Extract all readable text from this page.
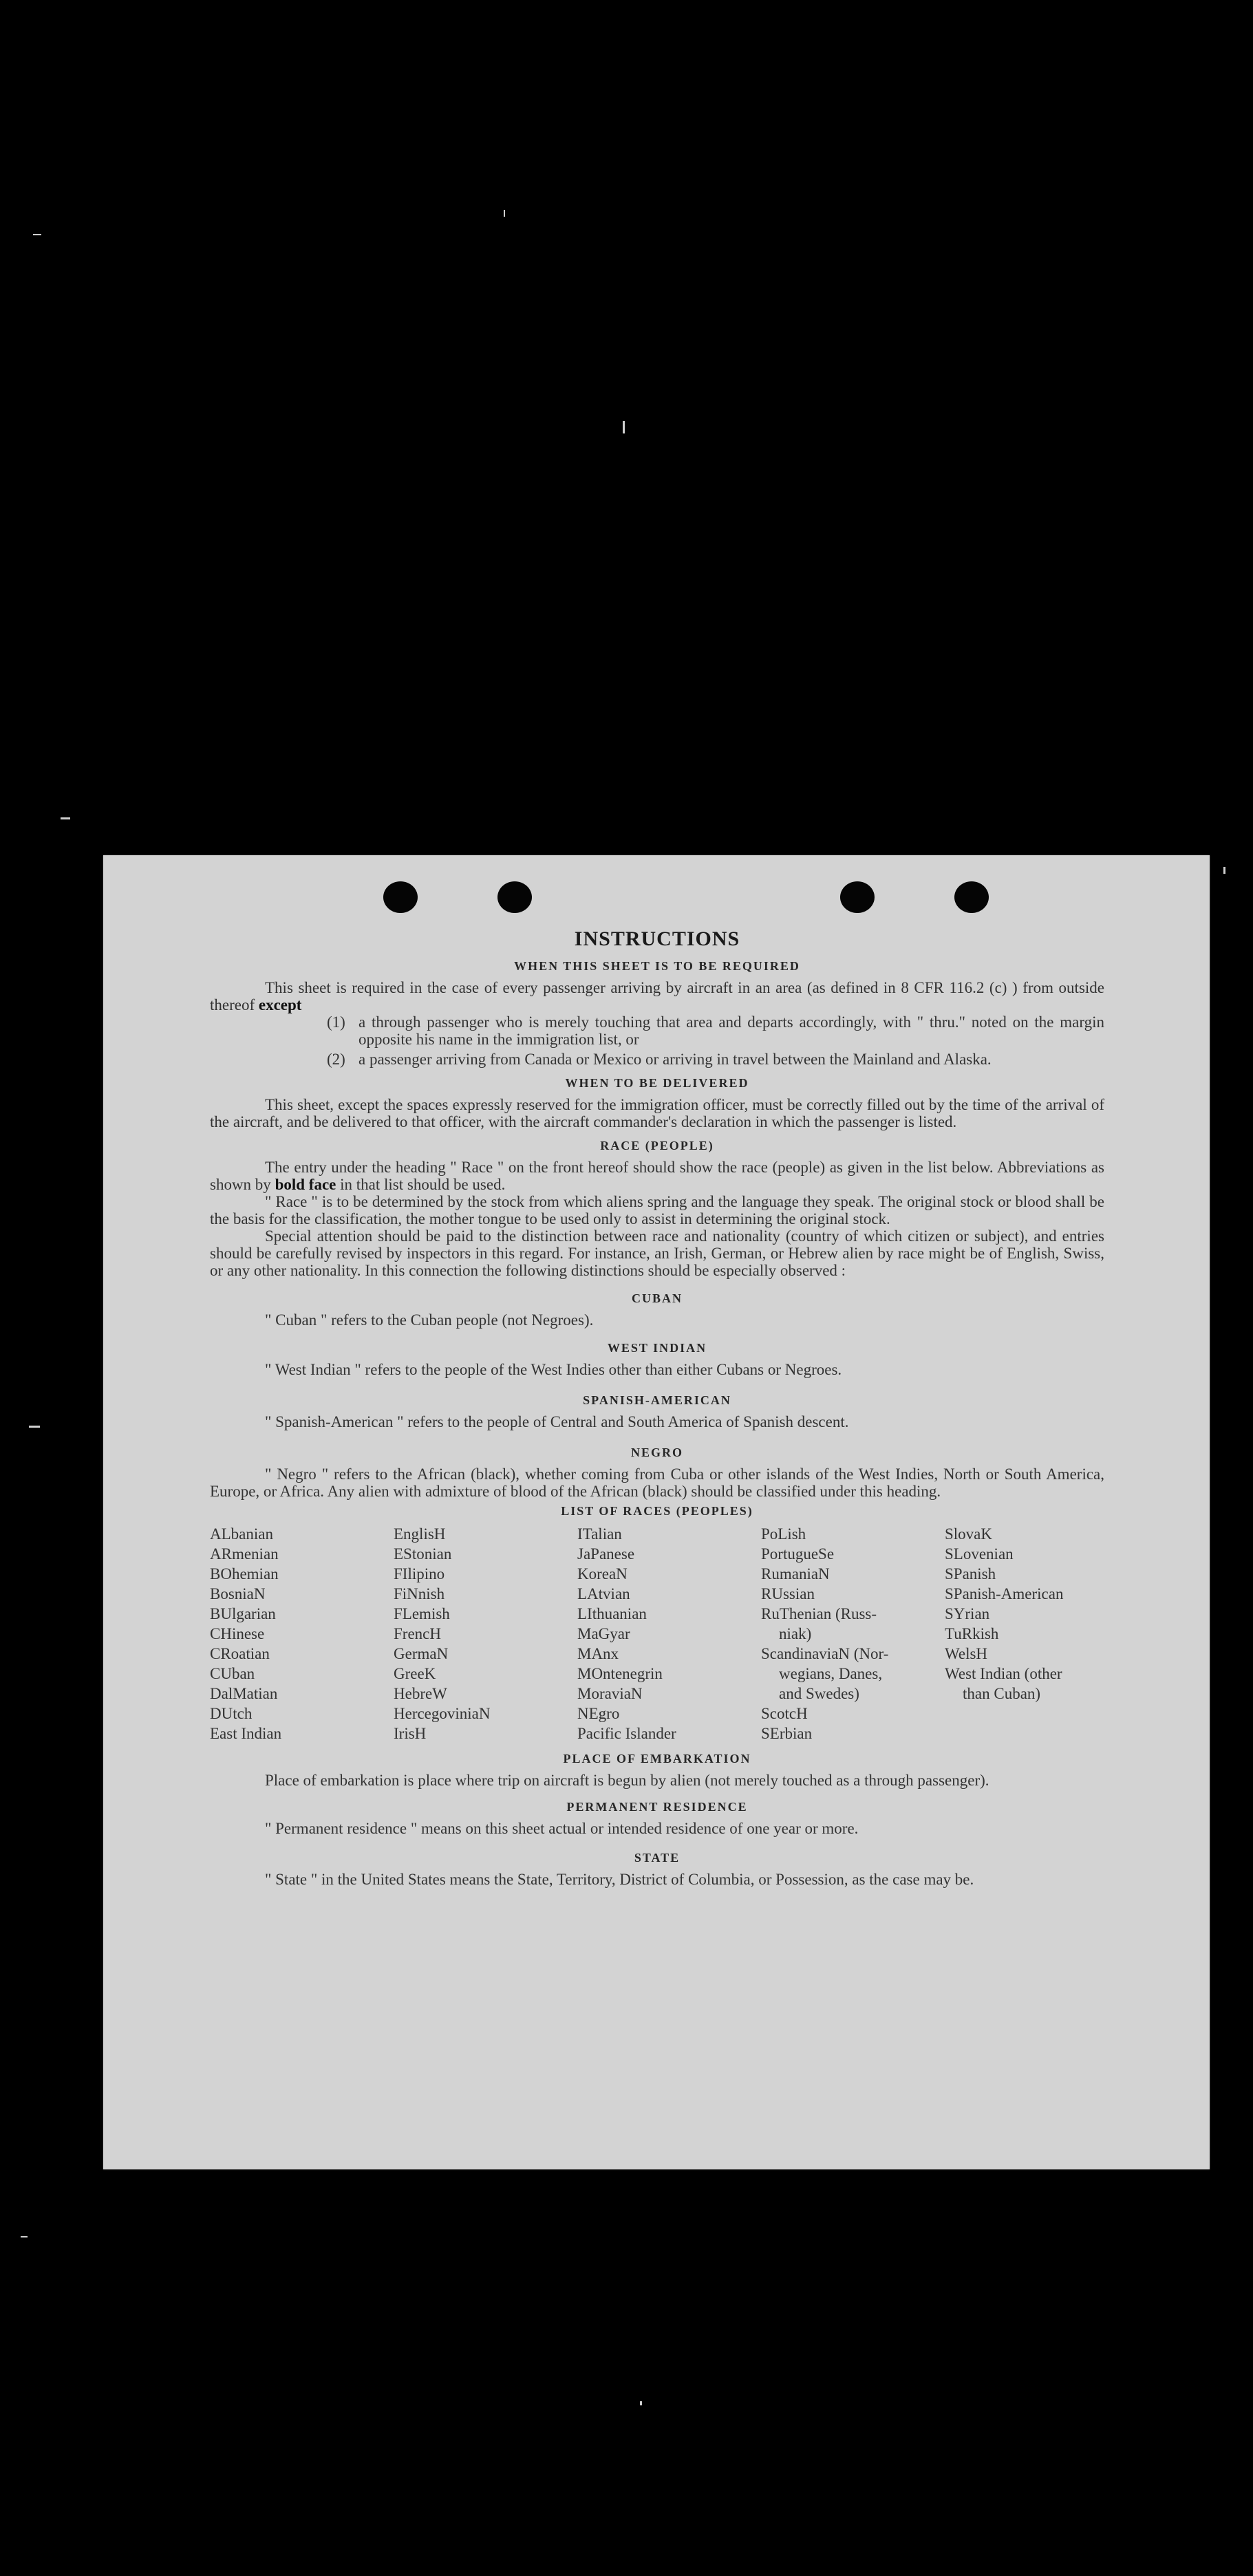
INSTRUCTIONS
WHEN THIS SHEET IS TO BE REQUIRED

This sheet is required in the case of every passenger arriving by aircraft in an area (as defined in 8 CFR 116.2 (c) ) from outside thereof except

(1) a through passenger who is merely touching that area and departs accordingly, with " thru." noted on the margin opposite his name in the immigration list, or
(2) a passenger arriving from Canada or Mexico or arriving in travel between the Mainland and Alaska.
WHEN TO BE DELIVERED

This sheet, except the spaces expressly reserved for the immigration officer, must be correctly filled out by the time of the arrival of the aircraft, and be delivered to that officer, with the aircraft commander's declaration in which the passenger is listed.

RACE (PEOPLE)

The entry under the heading " Race " on the front hereof should show the race (people) as given in the list below. Abbreviations as shown by bold face in that list should be used.

" Race " is to be determined by the stock from which aliens spring and the language they speak. The original stock or blood shall be the basis for the classification, the mother tongue to be used only to assist in determining the original stock.

Special attention should be paid to the distinction between race and nationality (country of which citizen or subject), and entries should be carefully revised by inspectors in this regard. For instance, an Irish, German, or Hebrew alien by race might be of English, Swiss, or any other nationality. In this connection the following distinctions should be especially observed :

CUBAN

" Cuban " refers to the Cuban people (not Negroes).

WEST INDIAN

" West Indian " refers to the people of the West Indies other than either Cubans or Negroes.

SPANISH-AMERICAN

" Spanish-American " refers to the people of Central and South America of Spanish descent.

NEGRO

" Negro " refers to the African (black), whether coming from Cuba or other islands of the West Indies, North or South America, Europe, or Africa. Any alien with admixture of blood of the African (black) should be classified under this heading.

LIST OF RACES (PEOPLES)
ALbanian
ARmenian
BOhemian
BosniaN
BUlgarian
CHinese
CRoatian
CUban
DalMatian
DUtch
East Indian
EnglisH
EStonian
FIlipino
FiNnish
FLemish
FrencH
GermaN
GreeK
HebreW
HercegoviniaN
IrisH
ITalian
JaPanese
KoreaN
LAtvian
LIthuanian
MaGyar
MAnx
MOntenegrin
MoraviaN
NEgro
Pacific Islander
PoLish
PortugueSe
RumaniaN
RUssian
RuThenian (Russ-
niak)
ScandinaviaN (Nor-
wegians, Danes,
and Swedes)
ScotcH
SErbian
SlovaK
SLovenian
SPanish
SPanish-American
SYrian
TuRkish
WelsH
West Indian (other
than Cuban)
PLACE OF EMBARKATION

Place of embarkation is place where trip on aircraft is begun by alien (not merely touched as a through passenger).

PERMANENT RESIDENCE

" Permanent residence " means on this sheet actual or intended residence of one year or more.

STATE

" State " in the United States means the State, Territory, District of Columbia, or Possession, as the case may be.
